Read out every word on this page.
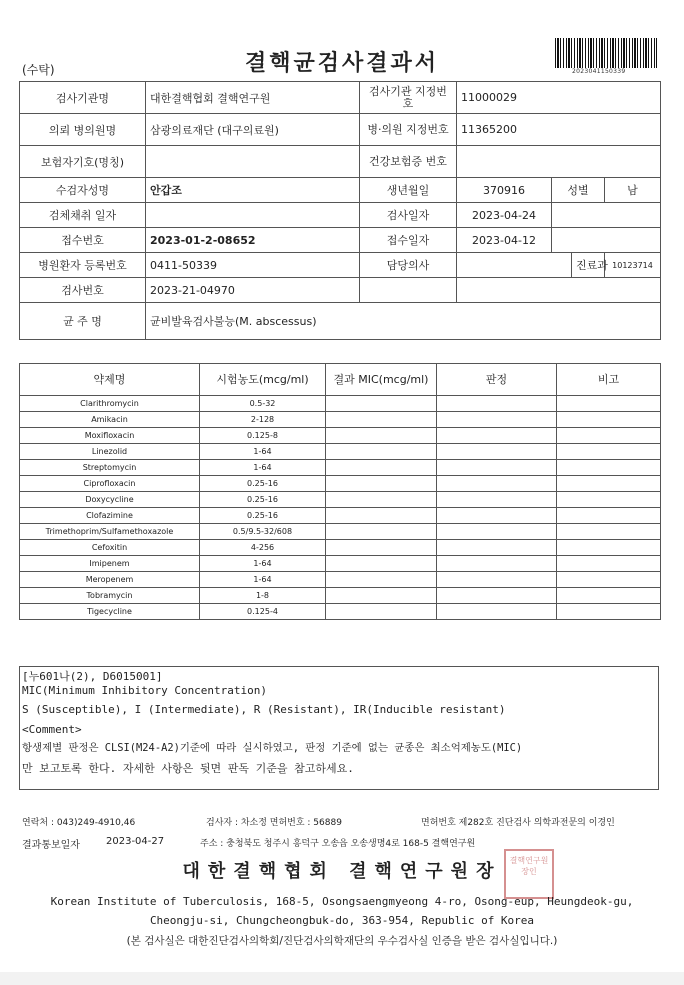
2023041150339
(수탁)	결핵균검사결과서
검사기관명	대한결핵협회 결핵연구원	검사기관 지정번호	11000029			
의뢰 병의원명	삼광의료재단 (대구의료원)	병·의원 지정번호	11365200			
보험자기호(명칭)		건강보험증 번호				
수검자성명	안갑조	생년월일	370916	성별		남
검체채취 일자		검사일자	2023-04-24			
접수번호	2023-01-2-08652	접수일자	2023-04-12			
병원환자 등록번호	0411-50339	담당의사			진료과	10123714
검사번호	2023-21-04970					
균 주 명	균비발육검사불능(M. abscessus)					
약제명	시험농도(mcg/ml)	결과 MIC(mcg/ml)	판정	비고
Clarithromycin	0.5-32			
Amikacin	2-128			
Moxifloxacin	0.125-8			
Linezolid	1-64			
Streptomycin	1-64			
Ciprofloxacin	0.25-16			
Doxycycline	0.25-16			
Clofazimine	0.25-16			
Trimethoprim/Sulfamethoxazole	0.5/9.5-32/608			
Cefoxitin	4-256			
Imipenem	1-64			
Meropenem	1-64			
Tobramycin	1-8			
Tigecycline	0.125-4			
[누601나(2), D6015001]
MIC(Minimum Inhibitory Concentration)
S (Susceptible), I (Intermediate), R (Resistant), IR(Inducible resistant)
<Comment>
항생제별 판정은 CLSI(M24-A2)기준에 따라 실시하였고, 판정 기준에 없는 균종은 최소억제농도(MIC)
만 보고토록 한다. 자세한 사항은 뒷면 판독 기준을 참고하세요.
연락처 : 043)249-4910,46	검사자 : 차소정 면허번호 : 56889	면허번호 제282호 진단검사 의학과전문의 이경인
결과통보일자	2023-04-27	주소 : 충청북도 청주시 흥덕구 오송읍 오송생명4로 168-5 결핵연구원
대한결핵협회 결핵연구원장
결핵연구원장인
Korean Institute of Tuberculosis, 168-5, Osongsaengmyeong 4-ro, Osong-eup, Heungdeok-gu,
Cheongju-si, Chungcheongbuk-do, 363-954, Republic of Korea
(본 검사실은 대한진단검사의학회/진단검사의학재단의 우수검사실 인증을 받은 검사실입니다.)
